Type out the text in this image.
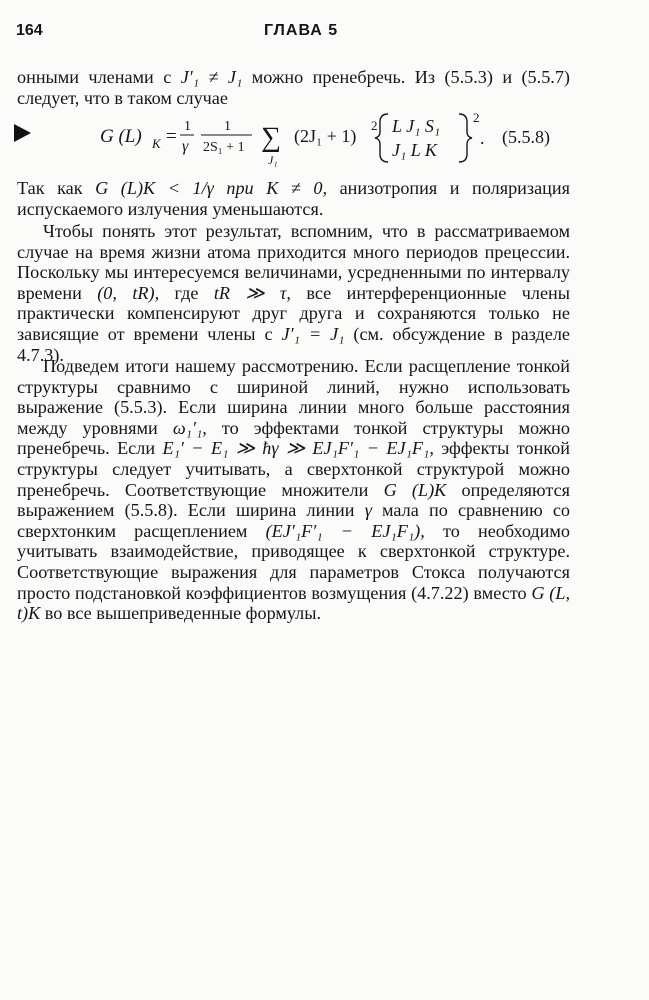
164	ГЛАВА 5

онными членами с J′₁ ≠ J₁ можно пренебречь. Из (5.5.3) и (5.5.7) следует, что в таком случае

G (L) K = 1
γ
1
2S₁ + 1 ∑
J₁
(2J₁ + 1)
2 L J₁ S₁
J₁ L K
2
. (5.5.8)

Так как G (L)K < 1/γ при K ≠ 0, анизотропия и поляризация испускаемого излучения уменьшаются.

Чтобы понять этот результат, вспомним, что в рассматриваемом случае на время жизни атома приходится много периодов прецессии. Поскольку мы интересуемся величинами, усредненными по интервалу времени (0, tR), где tR ≫ τ, все интерференционные члены практически компенсируют друг друга и сохраняются только не зависящие от времени члены с J′₁ = J₁ (см. обсуждение в разделе 4.7.3).

Подведем итоги нашему рассмотрению. Если расщепление тонкой структуры сравнимо с шириной линий, нужно использовать выражение (5.5.3). Если ширина линии много больше расстояния между уровнями ω₁′₁, то эффектами тонкой структуры можно пренебречь. Если E₁′ − E₁ ≫ ħγ ≫ EJ₁F′₁ − EJ₁F₁, эффекты тонкой структуры следует учитывать, а сверхтонкой структурой можно пренебречь. Соответствующие множители G (L)K определяются выражением (5.5.8). Если ширина линии γ мала по сравнению со сверхтонким расщеплением (EJ′₁F′₁ − EJ₁F₁), то необходимо учитывать взаимодействие, приводящее к сверхтонкой структуре. Соответствующие выражения для параметров Стокса получаются просто подстановкой коэффициентов возмущения (4.7.22) вместо G (L, t)K во все вышеприведенные формулы.
